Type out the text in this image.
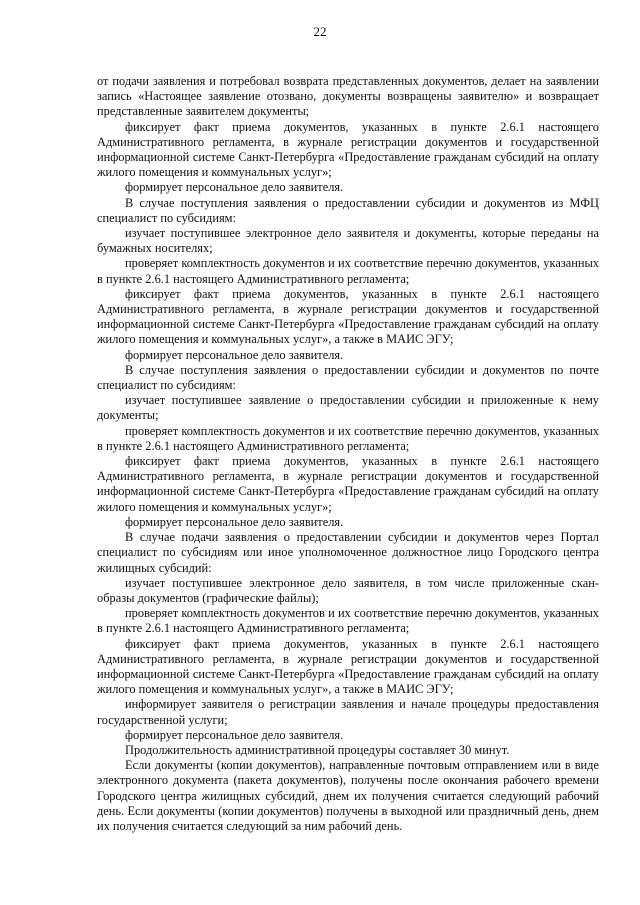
22

от подачи заявления и потребовал возврата представленных документов, делает на заявлении запись «Настоящее заявление отозвано, документы возвращены заявителю» и возвращает представленные заявителем документы;

фиксирует факт приема документов, указанных в пункте 2.6.1 настоящего Административного регламента, в журнале регистрации документов и государственной информационной системе Санкт-Петербурга «Предоставление гражданам субсидий на оплату жилого помещения и коммунальных услуг»;

формирует персональное дело заявителя.

В случае поступления заявления о предоставлении субсидии и документов из МФЦ специалист по субсидиям:

изучает поступившее электронное дело заявителя и документы, которые переданы на бумажных носителях;

проверяет комплектность документов и их соответствие перечню документов, указанных в пункте 2.6.1 настоящего Административного регламента;

фиксирует факт приема документов, указанных в пункте 2.6.1 настоящего Административного регламента, в журнале регистрации документов и государственной информационной системе Санкт-Петербурга «Предоставление гражданам субсидий на оплату жилого помещения и коммунальных услуг», а также в МАИС ЭГУ;

формирует персональное дело заявителя.

В случае поступления заявления о предоставлении субсидии и документов по почте специалист по субсидиям:

изучает поступившее заявление о предоставлении субсидии и приложенные к нему документы;

проверяет комплектность документов и их соответствие перечню документов, указанных в пункте 2.6.1 настоящего Административного регламента;

фиксирует факт приема документов, указанных в пункте 2.6.1 настоящего Административного регламента, в журнале регистрации документов и государственной информационной системе Санкт-Петербурга «Предоставление гражданам субсидий на оплату жилого помещения и коммунальных услуг»;

формирует персональное дело заявителя.

В случае подачи заявления о предоставлении субсидии и документов через Портал специалист по субсидиям или иное уполномоченное должностное лицо Городского центра жилищных субсидий:

изучает поступившее электронное дело заявителя, в том числе приложенные скан-образы документов (графические файлы);

проверяет комплектность документов и их соответствие перечню документов, указанных в пункте 2.6.1 настоящего Административного регламента;

фиксирует факт приема документов, указанных в пункте 2.6.1 настоящего Административного регламента, в журнале регистрации документов и государственной информационной системе Санкт-Петербурга «Предоставление гражданам субсидий на оплату жилого помещения и коммунальных услуг», а также в МАИС ЭГУ;

информирует заявителя о регистрации заявления и начале процедуры предоставления государственной услуги;

формирует персональное дело заявителя.

Продолжительность административной процедуры составляет 30 минут.

Если документы (копии документов), направленные почтовым отправлением или в виде электронного документа (пакета документов), получены после окончания рабочего времени Городского центра жилищных субсидий, днем их получения считается следующий рабочий день. Если документы (копии документов) получены в выходной или праздничный день, днем их получения считается следующий за ним рабочий день.
